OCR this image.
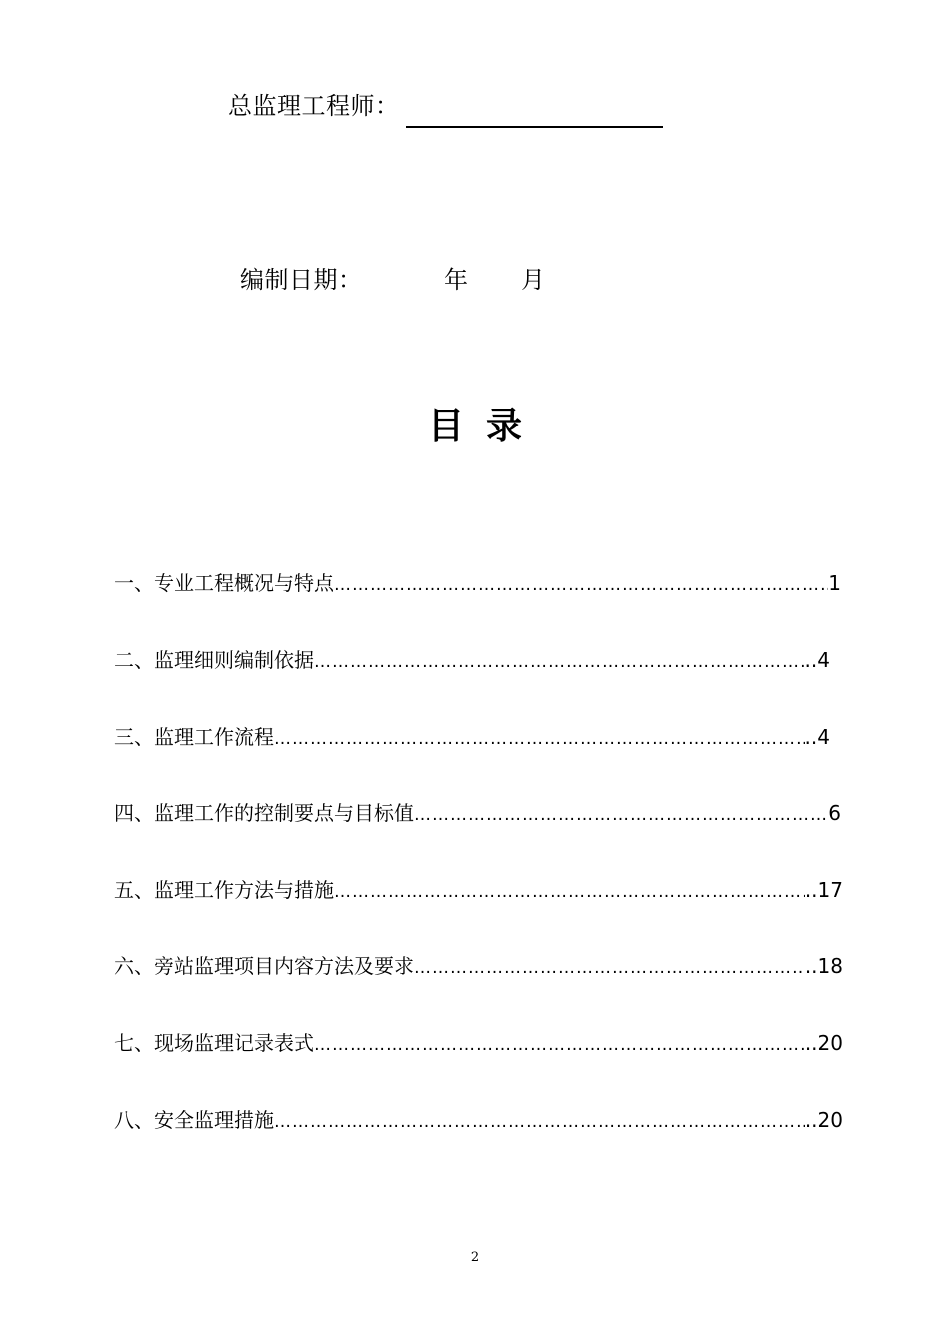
总监理工程师：
编制日期：	年 月
目 录
一、 专业工程概况与特点 …………………………………………………………………………………………………………………………	1
二、 监理细则编制依据 …………………………………………………………………………………………………………………………	..4
三、 监理工作流程 …………………………………………………………………………………………………………………………	..4
四、 监理工作的控制要点与目标值 …………………………………………………………………………………………………………………………	6
五、 监理工作方法与措施 …………………………………………………………………………………………………………………………	..17
六、 旁站监理项目内容方法及要求 …………………………………………………………………………………………………………………………	..18
七、 现场监理记录表式 …………………………………………………………………………………………………………………………	..20
八、 安全监理措施 …………………………………………………………………………………………………………………………	..20
2
